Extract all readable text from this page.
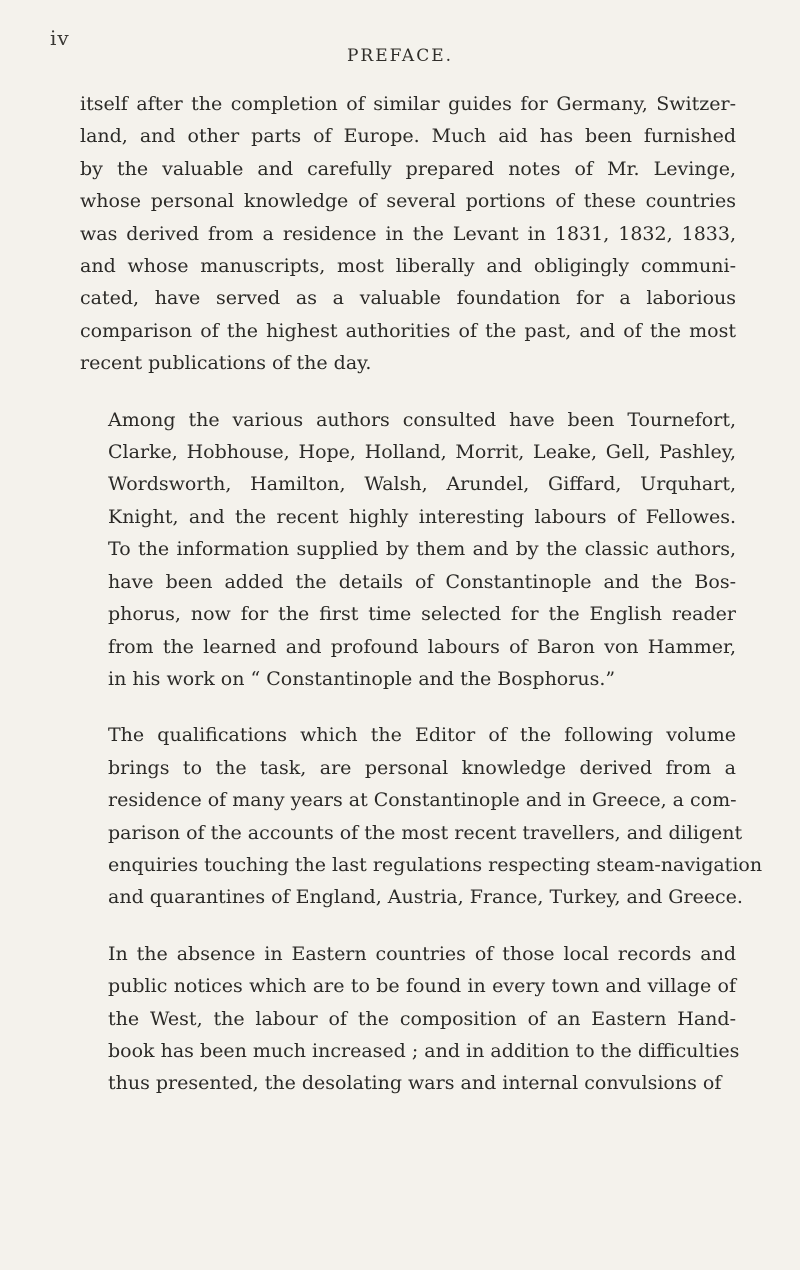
iv
PREFACE.
itself after the completion of similar guides for Germany, Switzer-
land, and other parts of Europe. Much aid has been furnished
by the valuable and carefully prepared notes of Mr. Levinge,
whose personal knowledge of several portions of these countries
was derived from a residence in the Levant in 1831, 1832, 1833,
and whose manuscripts, most liberally and obligingly communi-
cated, have served as a valuable foundation for a laborious
comparison of the highest authorities of the past, and of the most
recent publications of the day.
Among the various authors consulted have been Tournefort,
Clarke, Hobhouse, Hope, Holland, Morrit, Leake, Gell, Pashley,
Wordsworth, Hamilton, Walsh, Arundel, Giffard, Urquhart,
Knight, and the recent highly interesting labours of Fellowes.
To the information supplied by them and by the classic authors,
have been added the details of Constantinople and the Bos-
phorus, now for the first time selected for the English reader
from the learned and profound labours of Baron von Hammer,
in his work on “ Constantinople and the Bosphorus.”
The qualifications which the Editor of the following volume
brings to the task, are personal knowledge derived from a
residence of many years at Constantinople and in Greece, a com-
parison of the accounts of the most recent travellers, and diligent
enquiries touching the last regulations respecting steam-navigation
and quarantines of England, Austria, France, Turkey, and Greece.
In the absence in Eastern countries of those local records and
public notices which are to be found in every town and village of
the West, the labour of the composition of an Eastern Hand-
book has been much increased ; and in addition to the difficulties
thus presented, the desolating wars and internal convulsions of
